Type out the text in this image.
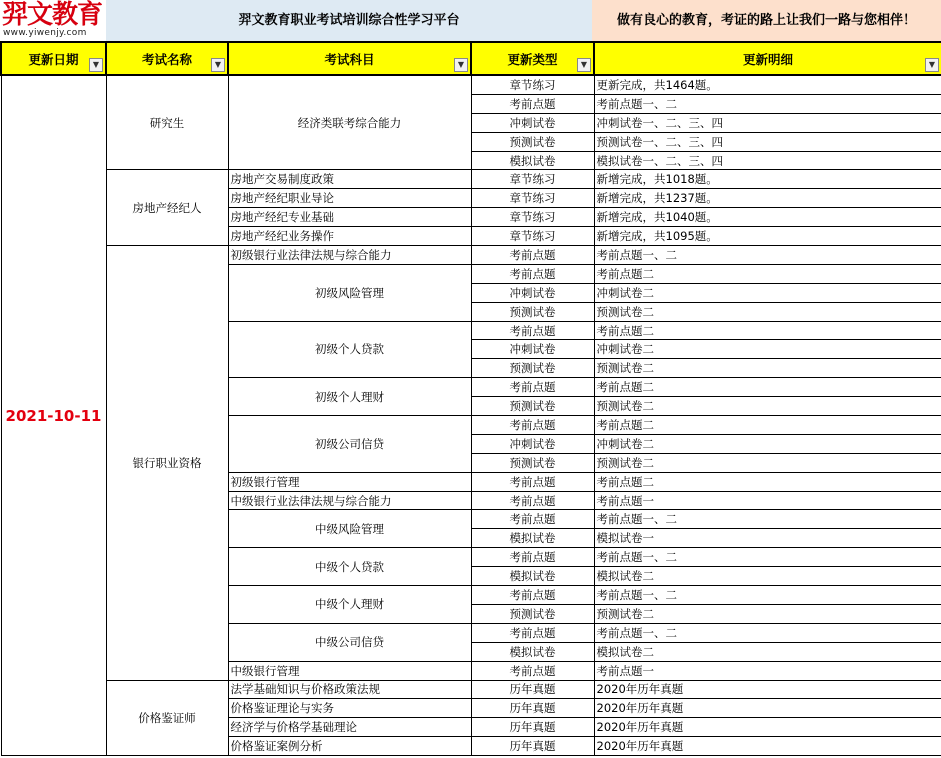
羿文教育
www.yiwenjy.com
羿文教育职业考试培训综合性学习平台	做有良心的教育，考证的路上让我们一路与您相伴！
更新日期 ▼	考试名称 ▼	考试科目 ▼	更新类型 ▼	更新明细 ▼

2021-10-11	研究生	经济类联考综合能力	章节练习	更新完成，共1464题。
			考前点题	考前点题一、二
			冲刺试卷	冲刺试卷一、二、三、四
			预测试卷	预测试卷一、二、三、四
			模拟试卷	模拟试卷一、二、三、四
	房地产经纪人	房地产交易制度政策	章节练习	新增完成，共1018题。
		房地产经纪职业导论	章节练习	新增完成，共1237题。
		房地产经纪专业基础	章节练习	新增完成，共1040题。
		房地产经纪业务操作	章节练习	新增完成，共1095题。
	银行职业资格	初级银行业法律法规与综合能力	考前点题	考前点题一、二
		初级风险管理	考前点题	考前点题二
			冲刺试卷	冲刺试卷二
			预测试卷	预测试卷二
		初级个人贷款	考前点题	考前点题二
			冲刺试卷	冲刺试卷二
			预测试卷	预测试卷二
		初级个人理财	考前点题	考前点题二
			预测试卷	预测试卷二
		初级公司信贷	考前点题	考前点题二
			冲刺试卷	冲刺试卷二
			预测试卷	预测试卷二
		初级银行管理	考前点题	考前点题二
		中级银行业法律法规与综合能力	考前点题	考前点题一
		中级风险管理	考前点题	考前点题一、二
			模拟试卷	模拟试卷一
		中级个人贷款	考前点题	考前点题一、二
			模拟试卷	模拟试卷二
		中级个人理财	考前点题	考前点题一、二
			预测试卷	预测试卷二
		中级公司信贷	考前点题	考前点题一、二
			模拟试卷	模拟试卷二
		中级银行管理	考前点题	考前点题一
	价格鉴证师	法学基础知识与价格政策法规	历年真题	2020年历年真题
		价格鉴证理论与实务	历年真题	2020年历年真题
		经济学与价格学基础理论	历年真题	2020年历年真题
		价格鉴证案例分析	历年真题	2020年历年真题
